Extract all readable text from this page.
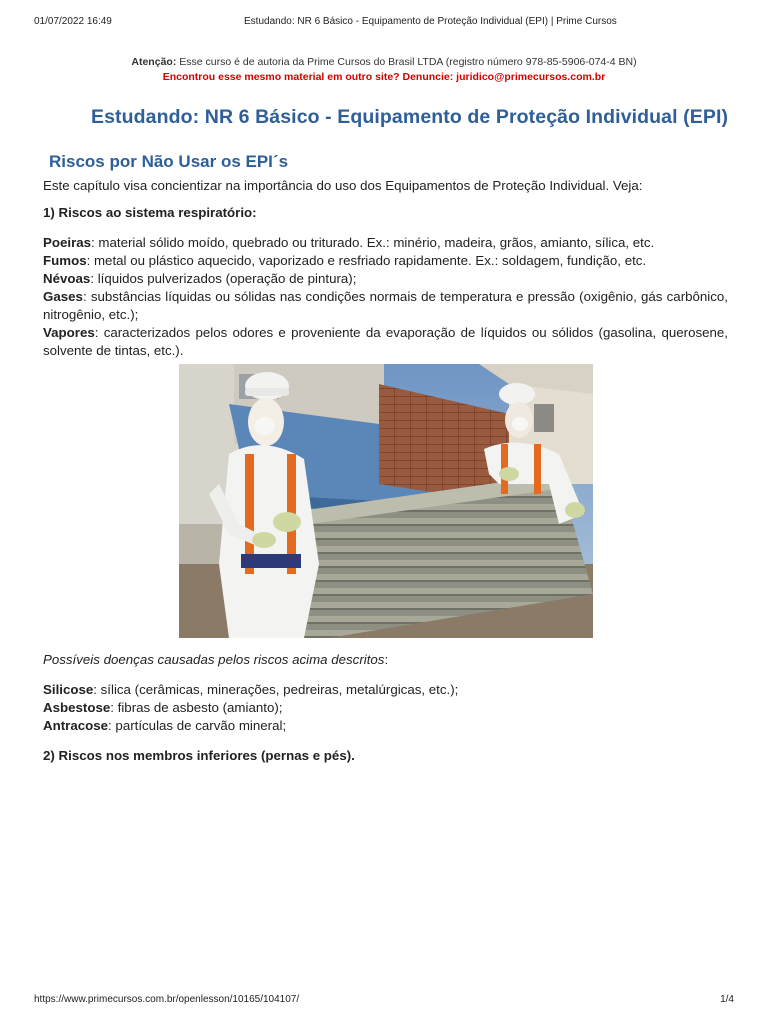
01/07/2022 16:49	Estudando: NR 6 Básico - Equipamento de Proteção Individual (EPI) | Prime Cursos
Atenção: Esse curso é de autoria da Prime Cursos do Brasil LTDA (registro número 978-85-5906-074-4 BN)
Encontrou esse mesmo material em outro site? Denuncie: juridico@primecursos.com.br
Estudando: NR 6 Básico - Equipamento de Proteção Individual (EPI)
Riscos por Não Usar os EPI´s

Este capítulo visa concientizar na importância do uso dos Equipamentos de Proteção Individual. Veja:

1) Riscos ao sistema respiratório:

Poeiras: material sólido moído, quebrado ou triturado. Ex.: minério, madeira, grãos, amianto, sílica, etc.

Fumos: metal ou plástico aquecido, vaporizado e resfriado rapidamente. Ex.: soldagem, fundição, etc.

Névoas: líquidos pulverizados (operação de pintura);

Gases: substâncias líquidas ou sólidas nas condições normais de temperatura e pressão (oxigênio, gás carbônico, nitrogênio, etc.);

Vapores: caracterizados pelos odores e proveniente da evaporação de líquidos ou sólidos (gasolina, querosene, solvente de tintas, etc.).

Possíveis doenças causadas pelos riscos acima descritos:

Silicose: sílica (cerâmicas, minerações, pedreiras, metalúrgicas, etc.);

Asbestose: fibras de asbesto (amianto);

Antracose: partículas de carvão mineral;

2) Riscos nos membros inferiores (pernas e pés).

https://www.primecursos.com.br/openlesson/10165/104107/	1/4
